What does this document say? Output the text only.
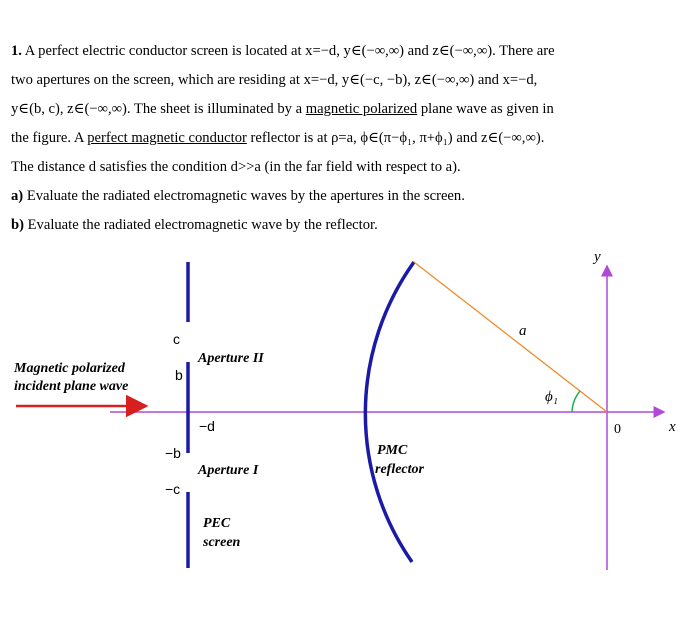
1. A perfect electric conductor screen is located at x=−d, y∈(−∞,∞) and z∈(−∞,∞). There are
two apertures on the screen, which are residing at x=−d, y∈(−c, −b), z∈(−∞,∞) and x=−d,
y∈(b, c), z∈(−∞,∞). The sheet is illuminated by a magnetic polarized plane wave as given in
the figure. A perfect magnetic conductor reflector is at ρ=a, ϕ∈(π−ϕ₁, π+ϕ₁) and z∈(−∞,∞).
The distance d satisfies the condition d>>a (in the far field with respect to a).
a) Evaluate the radiated electromagnetic waves by the apertures in the screen.
b) Evaluate the radiated electromagnetic wave by the reflector.

Magnetic polarized
incident plane wave
Aperture II
Aperture I
PEC
screen
PMC
reflector
c
b
−b
−c
−d
a
ϕ₁
0	x
y
